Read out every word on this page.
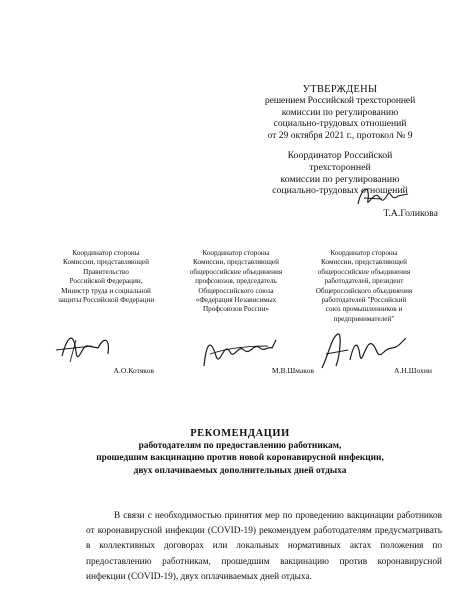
УТВЕРЖДЕНЫ
решением Российской трехсторонней
комиссии по регулированию
социально-трудовых отношений
от 29 октября 2021 г., протокол № 9
Координатор Российской
трехсторонней
комиссии по регулированию
социально-трудовых отношений
Т.А.Голикова
Координатор стороны
Комиссии, представляющей
Правительство
Российской Федерации,
Министр труда и социальной
защиты Российской Федерации
Координатор стороны
Комиссии, представляющей
общероссийские объединения
профсоюзов, председатель
Общероссийского союза
«Федерация Независимых
Профсоюзов России»
Координатор стороны
Комиссии, представляющей
общероссийские объединения
работодателей, президент
Общероссийского объединения
работодателей "Российский
союз промышленников и
предпринимателей"
А.О.Котяков	М.В.Шмаков	А.Н.Шохин
РЕКОМЕНДАЦИИ
работодателям по предоставлению работникам,
прошедшим вакцинацию против новой коронавирусной инфекции,
двух оплачиваемых дополнительных дней отдыха
В связи с необходимостью принятия мер по проведению вакцинации работников от коронавирусной инфекции (COVID-19) рекомендуем работодателям предусматривать в коллективных договорах или локальных нормативных актах положения по предоставлению работникам, прошедшим вакцинацию против коронавирусной инфекции (COVID-19), двух оплачиваемых дней отдыха.
